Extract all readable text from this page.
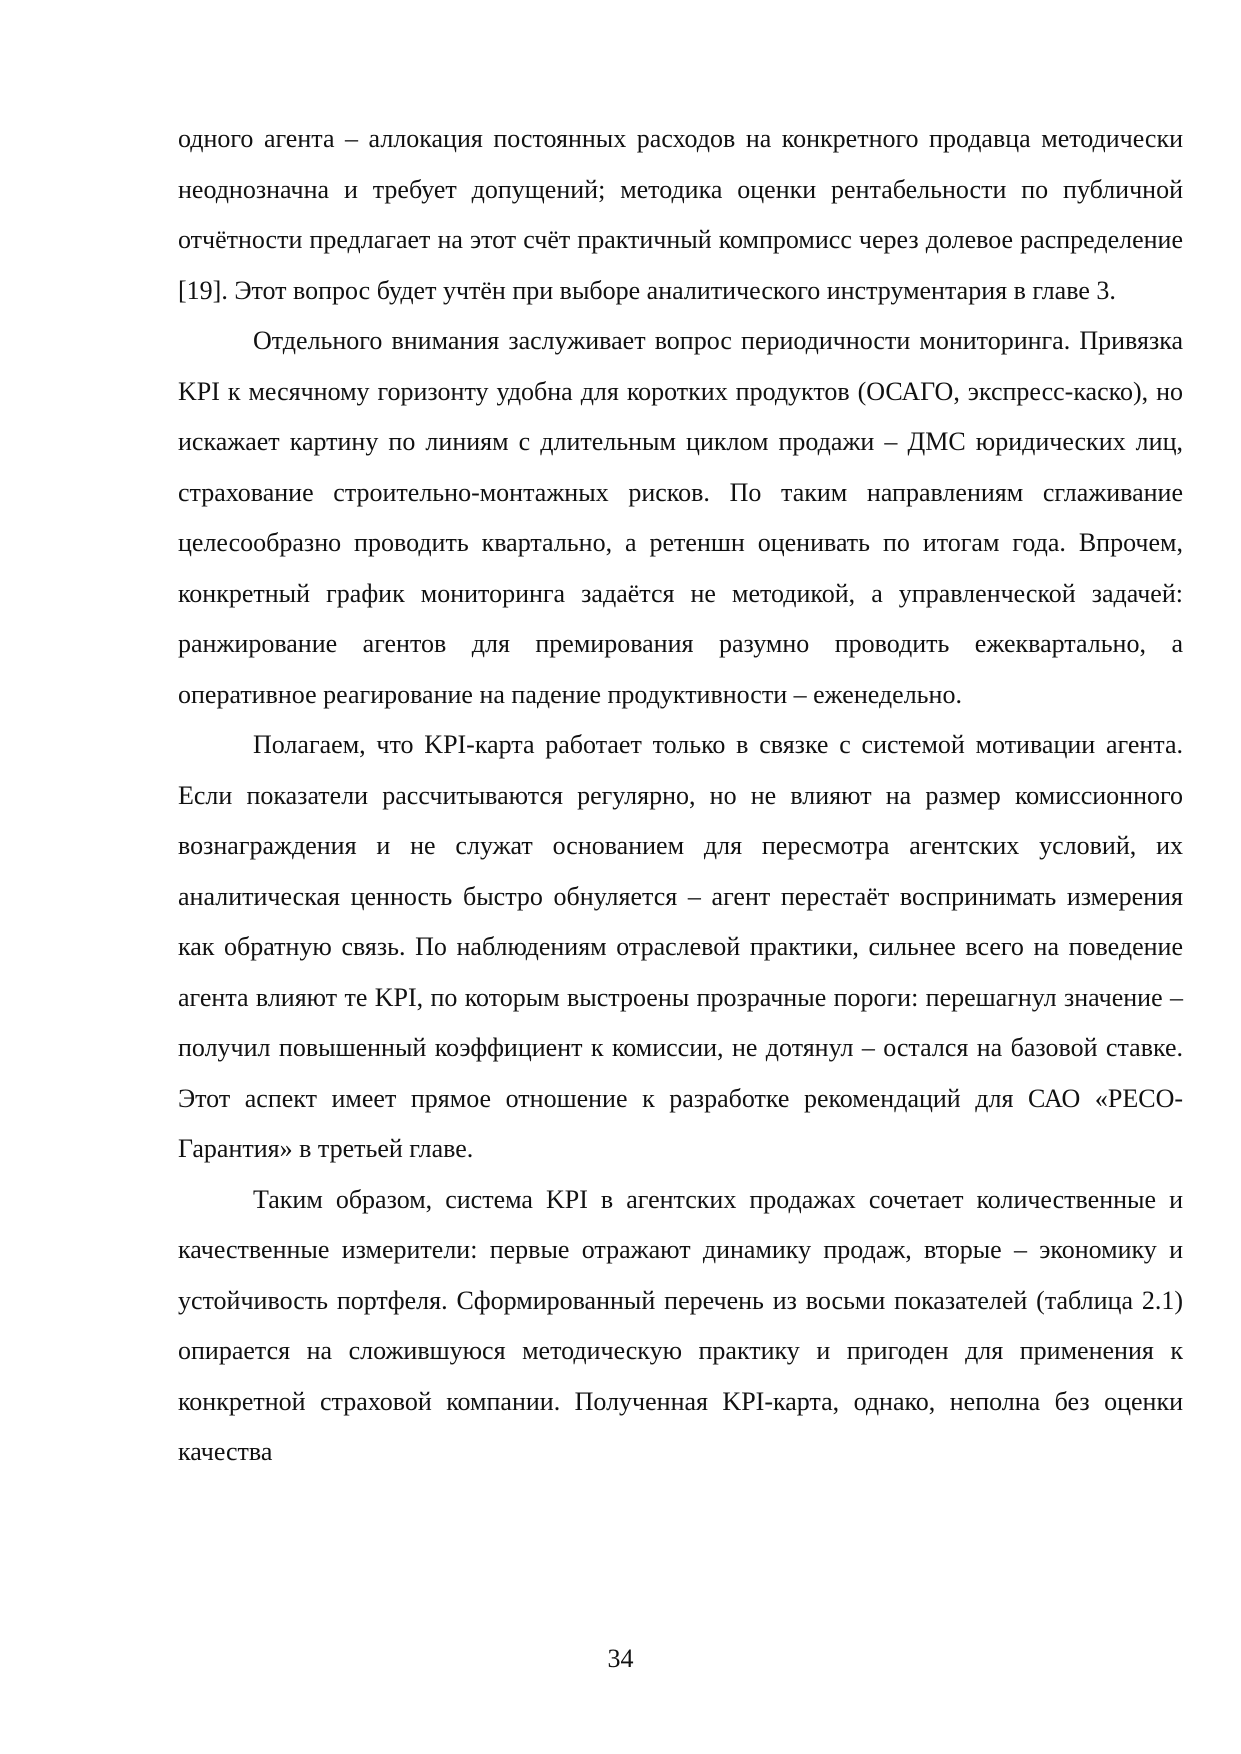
одного агента – аллокация постоянных расходов на конкретного продавца методически неоднозначна и требует допущений; методика оценки рентабельности по публичной отчётности предлагает на этот счёт практичный компромисс через долевое распределение [19]. Этот вопрос будет учтён при выборе аналитического инструментария в главе 3.

Отдельного внимания заслуживает вопрос периодичности мониторинга. Привязка KPI к месячному горизонту удобна для коротких продуктов (ОСАГО, экспресс-каско), но искажает картину по линиям с длительным циклом продажи – ДМС юридических лиц, страхование строительно-монтажных рисков. По таким направлениям сглаживание целесообразно проводить квартально, а ретеншн оценивать по итогам года. Впрочем, конкретный график мониторинга задаётся не методикой, а управленческой задачей: ранжирование агентов для премирования разумно проводить ежеквартально, а оперативное реагирование на падение продуктивности – еженедельно.

Полагаем, что KPI-карта работает только в связке с системой мотивации агента. Если показатели рассчитываются регулярно, но не влияют на размер комиссионного вознаграждения и не служат основанием для пересмотра агентских условий, их аналитическая ценность быстро обнуляется – агент перестаёт воспринимать измерения как обратную связь. По наблюдениям отраслевой практики, сильнее всего на поведение агента влияют те KPI, по которым выстроены прозрачные пороги: перешагнул значение – получил повышенный коэффициент к комиссии, не дотянул – остался на базовой ставке. Этот аспект имеет прямое отношение к разработке рекомендаций для САО «РЕСО-Гарантия» в третьей главе.

Таким образом, система KPI в агентских продажах сочетает количественные и качественные измерители: первые отражают динамику продаж, вторые – экономику и устойчивость портфеля. Сформированный перечень из восьми показателей (таблица 2.1) опирается на сложившуюся методическую практику и пригоден для применения к конкретной страховой компании. Полученная KPI-карта, однако, неполна без оценки качества

34
